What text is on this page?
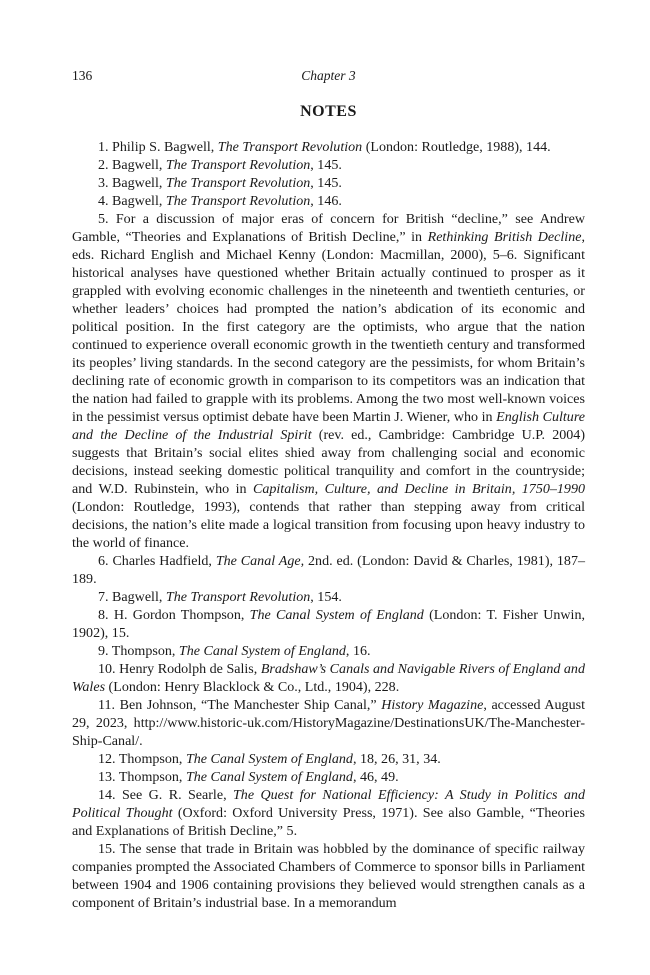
136	Chapter 3
NOTES

1. Philip S. Bagwell, The Transport Revolution (London: Routledge, 1988), 144.

2. Bagwell, The Transport Revolution, 145.

3. Bagwell, The Transport Revolution, 145.

4. Bagwell, The Transport Revolution, 146.

5. For a discussion of major eras of concern for British “decline,” see Andrew Gamble, “Theories and Explanations of British Decline,” in Rethinking British Decline, eds. Richard English and Michael Kenny (London: Macmillan, 2000), 5–6. Significant historical analyses have questioned whether Britain actually continued to prosper as it grappled with evolving economic challenges in the nineteenth and twentieth centuries, or whether leaders’ choices had prompted the nation’s abdication of its economic and political position. In the first category are the optimists, who argue that the nation continued to experience overall economic growth in the twentieth century and transformed its peoples’ living standards. In the second category are the pessimists, for whom Britain’s declining rate of economic growth in comparison to its competitors was an indication that the nation had failed to grapple with its problems. Among the two most well-known voices in the pessimist versus optimist debate have been Martin J. Wiener, who in English Culture and the Decline of the Industrial Spirit (rev. ed., Cambridge: Cambridge U.P. 2004) suggests that Britain’s social elites shied away from challenging social and economic decisions, instead seeking domestic political tranquility and comfort in the countryside; and W.D. Rubinstein, who in Capitalism, Culture, and Decline in Britain, 1750–1990 (London: Routledge, 1993), contends that rather than stepping away from critical decisions, the nation’s elite made a logical transition from focusing upon heavy industry to the world of finance.

6. Charles Hadfield, The Canal Age, 2nd. ed. (London: David & Charles, 1981), 187–189.

7. Bagwell, The Transport Revolution, 154.

8. H. Gordon Thompson, The Canal System of England (London: T. Fisher Unwin, 1902), 15.

9. Thompson, The Canal System of England, 16.

10. Henry Rodolph de Salis, Bradshaw’s Canals and Navigable Rivers of England and Wales (London: Henry Blacklock & Co., Ltd., 1904), 228.

11. Ben Johnson, “The Manchester Ship Canal,” History Magazine, accessed August 29, 2023, http://www.historic-uk.com/HistoryMagazine/DestinationsUK/The-Manchester-Ship-Canal/.

12. Thompson, The Canal System of England, 18, 26, 31, 34.

13. Thompson, The Canal System of England, 46, 49.

14. See G. R. Searle, The Quest for National Efficiency: A Study in Politics and Political Thought (Oxford: Oxford University Press, 1971). See also Gamble, “Theories and Explanations of British Decline,” 5.

15. The sense that trade in Britain was hobbled by the dominance of specific railway companies prompted the Associated Chambers of Commerce to sponsor bills in Parliament between 1904 and 1906 containing provisions they believed would strengthen canals as a component of Britain’s industrial base. In a memorandum
